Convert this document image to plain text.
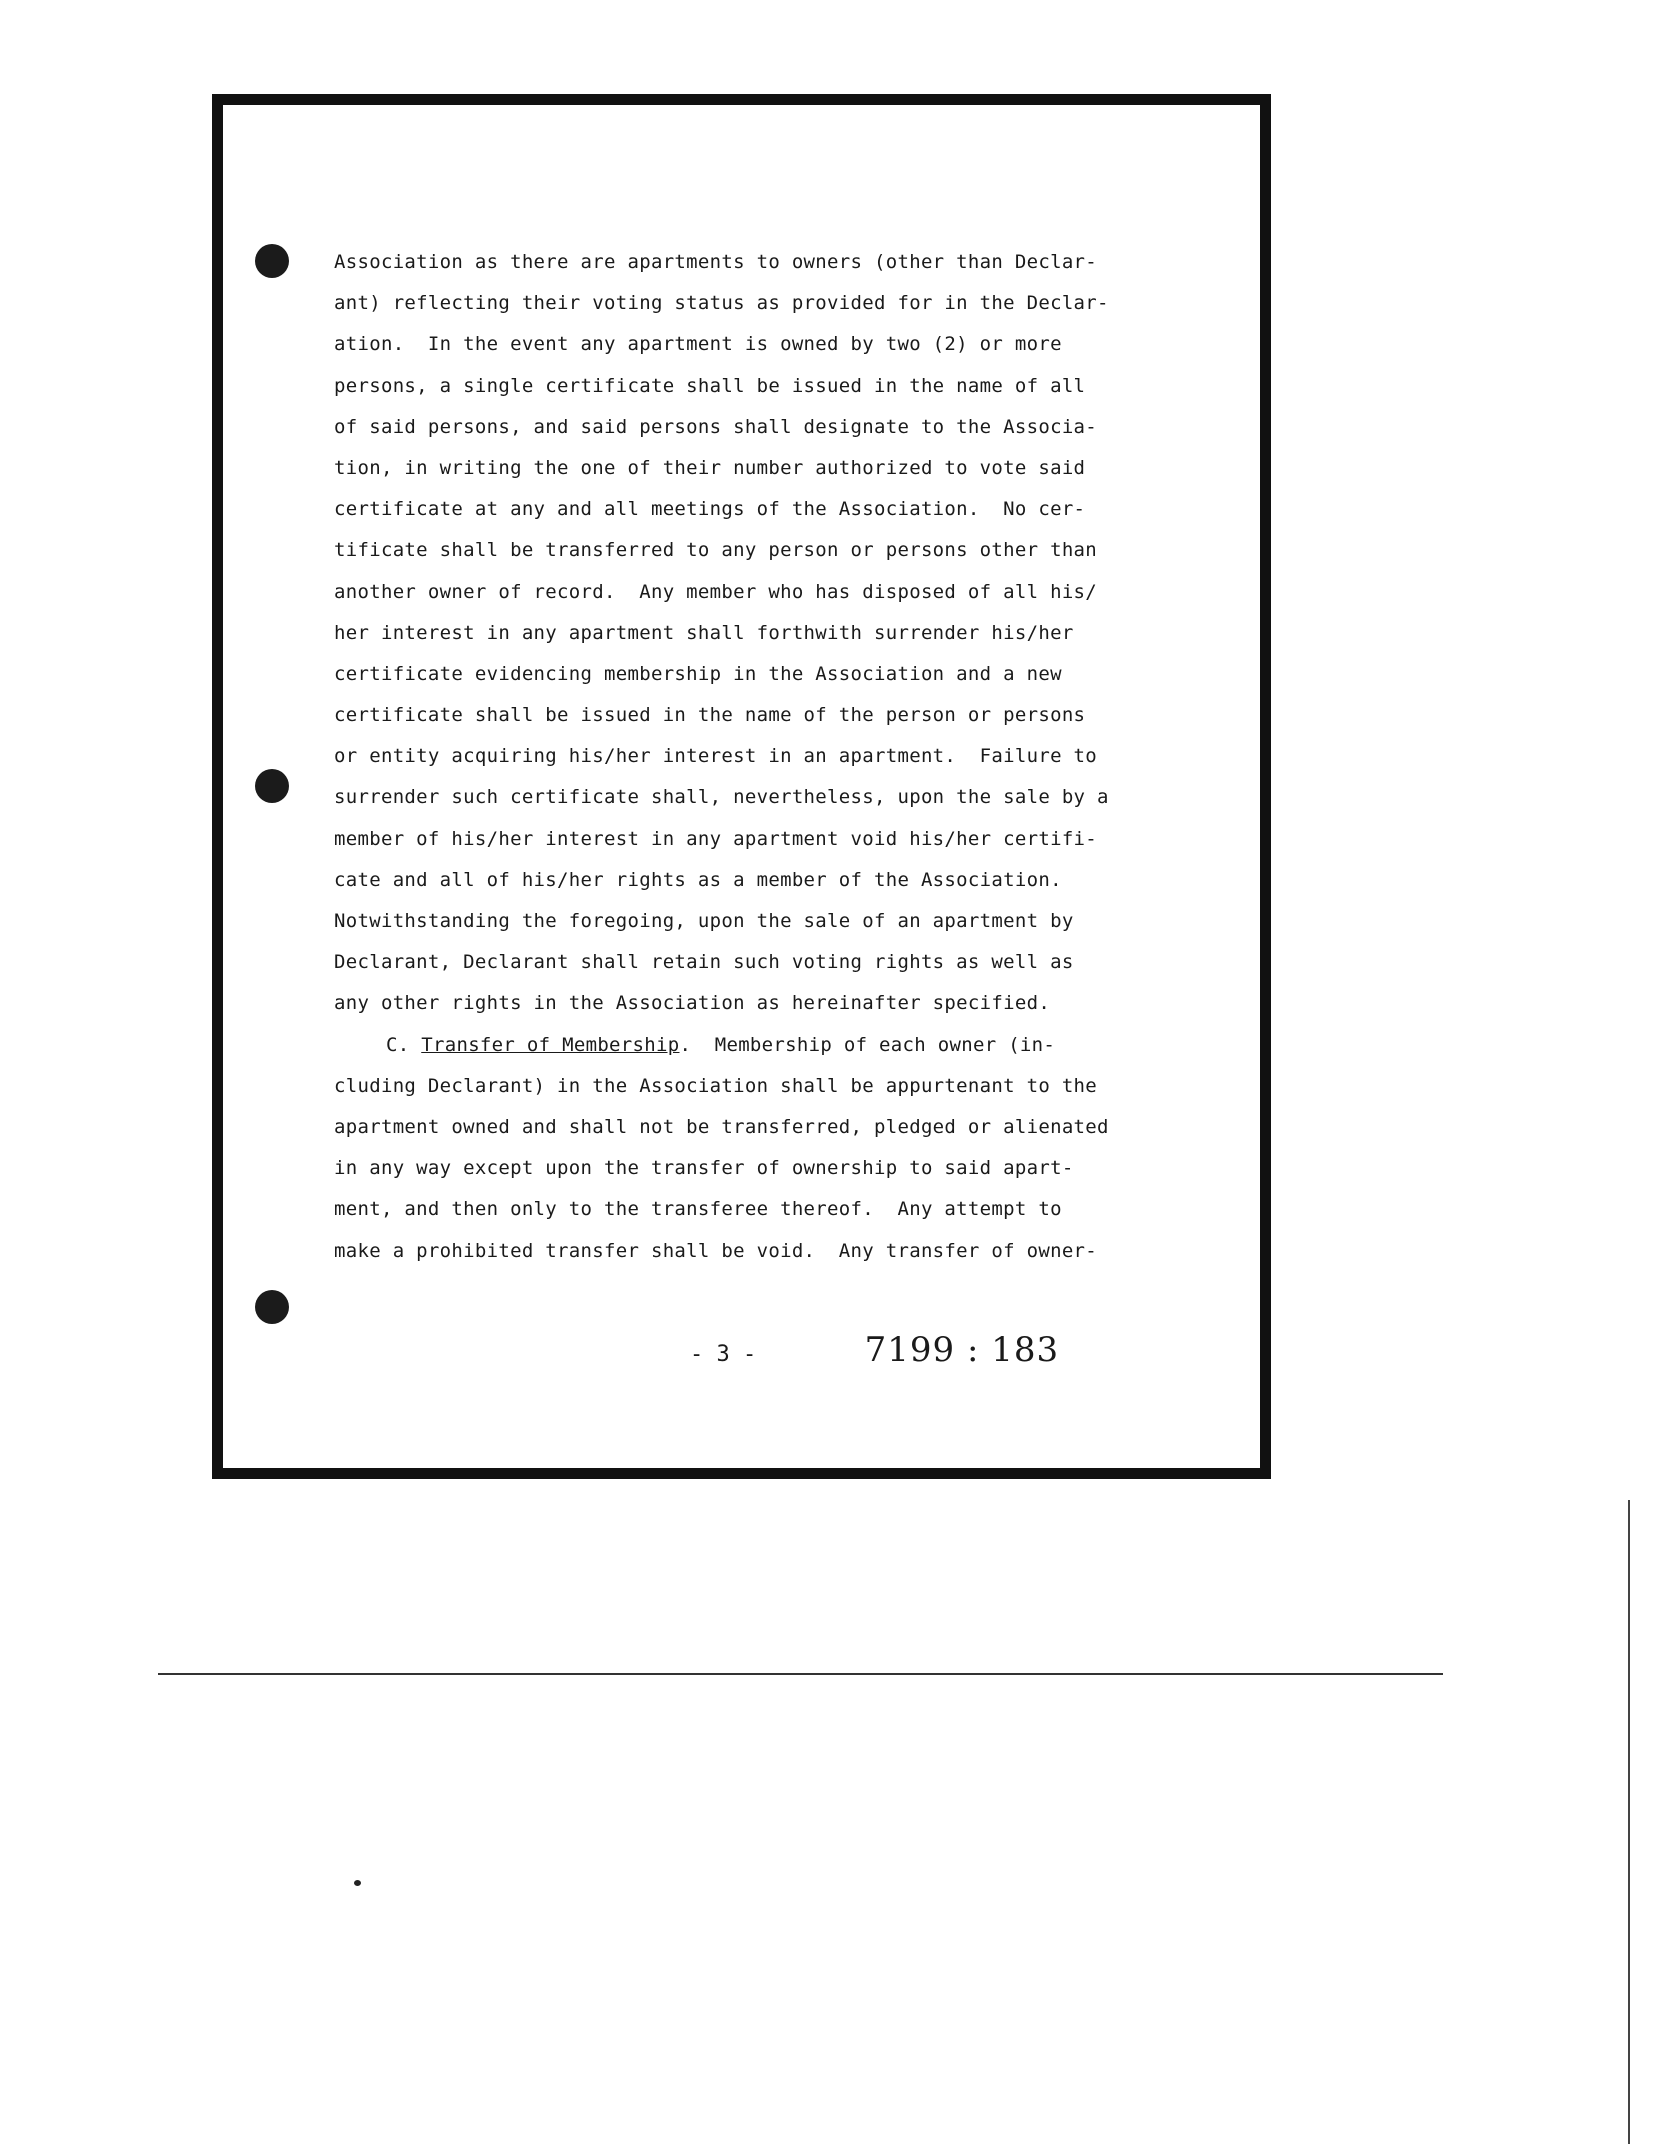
Association as there are apartments to owners (other than Declar-
ant) reflecting their voting status as provided for in the Declar-
ation.  In the event any apartment is owned by two (2) or more
persons, a single certificate shall be issued in the name of all
of said persons, and said persons shall designate to the Associa-
tion, in writing the one of their number authorized to vote said
certificate at any and all meetings of the Association.  No cer-
tificate shall be transferred to any person or persons other than
another owner of record.  Any member who has disposed of all his/
her interest in any apartment shall forthwith surrender his/her
certificate evidencing membership in the Association and a new
certificate shall be issued in the name of the person or persons
or entity acquiring his/her interest in an apartment.  Failure to
surrender such certificate shall, nevertheless, upon the sale by a
member of his/her interest in any apartment void his/her certifi-
cate and all of his/her rights as a member of the Association.
Notwithstanding the foregoing, upon the sale of an apartment by
Declarant, Declarant shall retain such voting rights as well as
any other rights in the Association as hereinafter specified.
C. Transfer of Membership.  Membership of each owner (in-
cluding Declarant) in the Association shall be appurtenant to the
apartment owned and shall not be transferred, pledged or alienated
in any way except upon the transfer of ownership to said apart-
ment, and then only to the transferee thereof.  Any attempt to
make a prohibited transfer shall be void.  Any transfer of owner-
- 3 -	7199 : 183
